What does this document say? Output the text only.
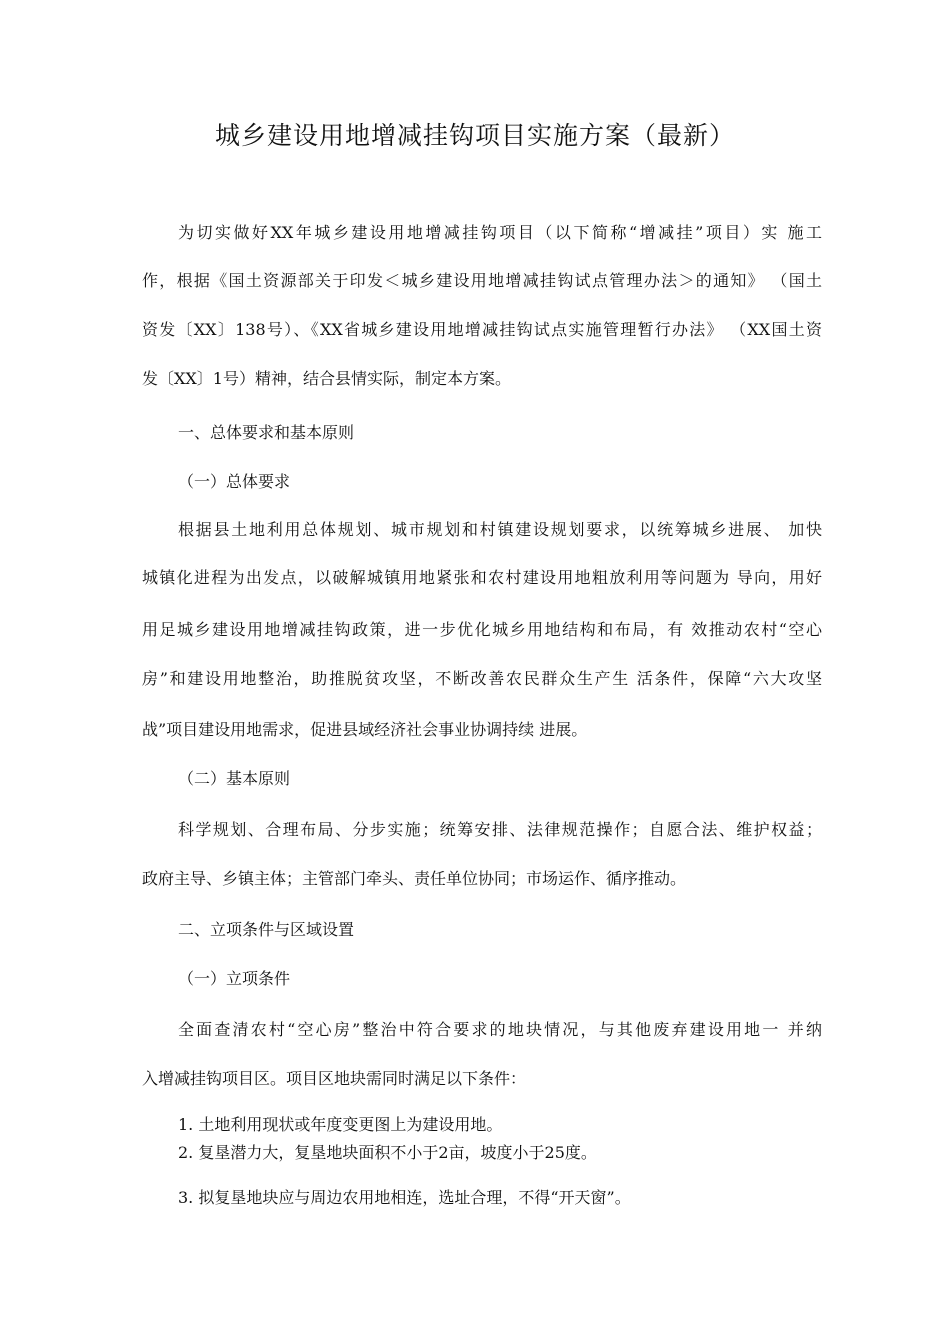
城乡建设用地增减挂钩项目实施方案（最新）
为切实做好XX年城乡建设用地增减挂钩项目（以下简称“增减挂”项目）实 施工
作，根据《国土资源部关于印发＜城乡建设用地增减挂钩试点管理办法＞的通知》 （国土
资发〔XX〕138号）、《XX省城乡建设用地增减挂钩试点实施管理暂行办法》 （XX国土资
发〔XX〕1号）精神，结合县情实际，制定本方案。
一、总体要求和基本原则
（一）总体要求
根据县土地利用总体规划、城市规划和村镇建设规划要求，以统筹城乡进展、 加快
城镇化进程为出发点，以破解城镇用地紧张和农村建设用地粗放利用等问题为 导向，用好
用足城乡建设用地增减挂钩政策，进一步优化城乡用地结构和布局，有 效推动农村“空心
房”和建设用地整治，助推脱贫攻坚，不断改善农民群众生产生 活条件，保障“六大攻坚
战”项目建设用地需求，促进县域经济社会事业协调持续 进展。
（二）基本原则
科学规划、合理布局、分步实施；统筹安排、法律规范操作；自愿合法、维护权益；
政府主导、乡镇主体；主管部门牵头、责任单位协同；市场运作、循序推动。
二、立项条件与区域设置
（一）立项条件
全面查清农村“空心房”整治中符合要求的地块情况，与其他废弃建设用地一 并纳
入增减挂钩项目区。项目区地块需同时满足以下条件：
1. 土地利用现状或年度变更图上为建设用地。
2. 复垦潜力大，复垦地块面积不小于2亩，坡度小于25度。
3. 拟复垦地块应与周边农用地相连，选址合理，不得“开天窗”。
